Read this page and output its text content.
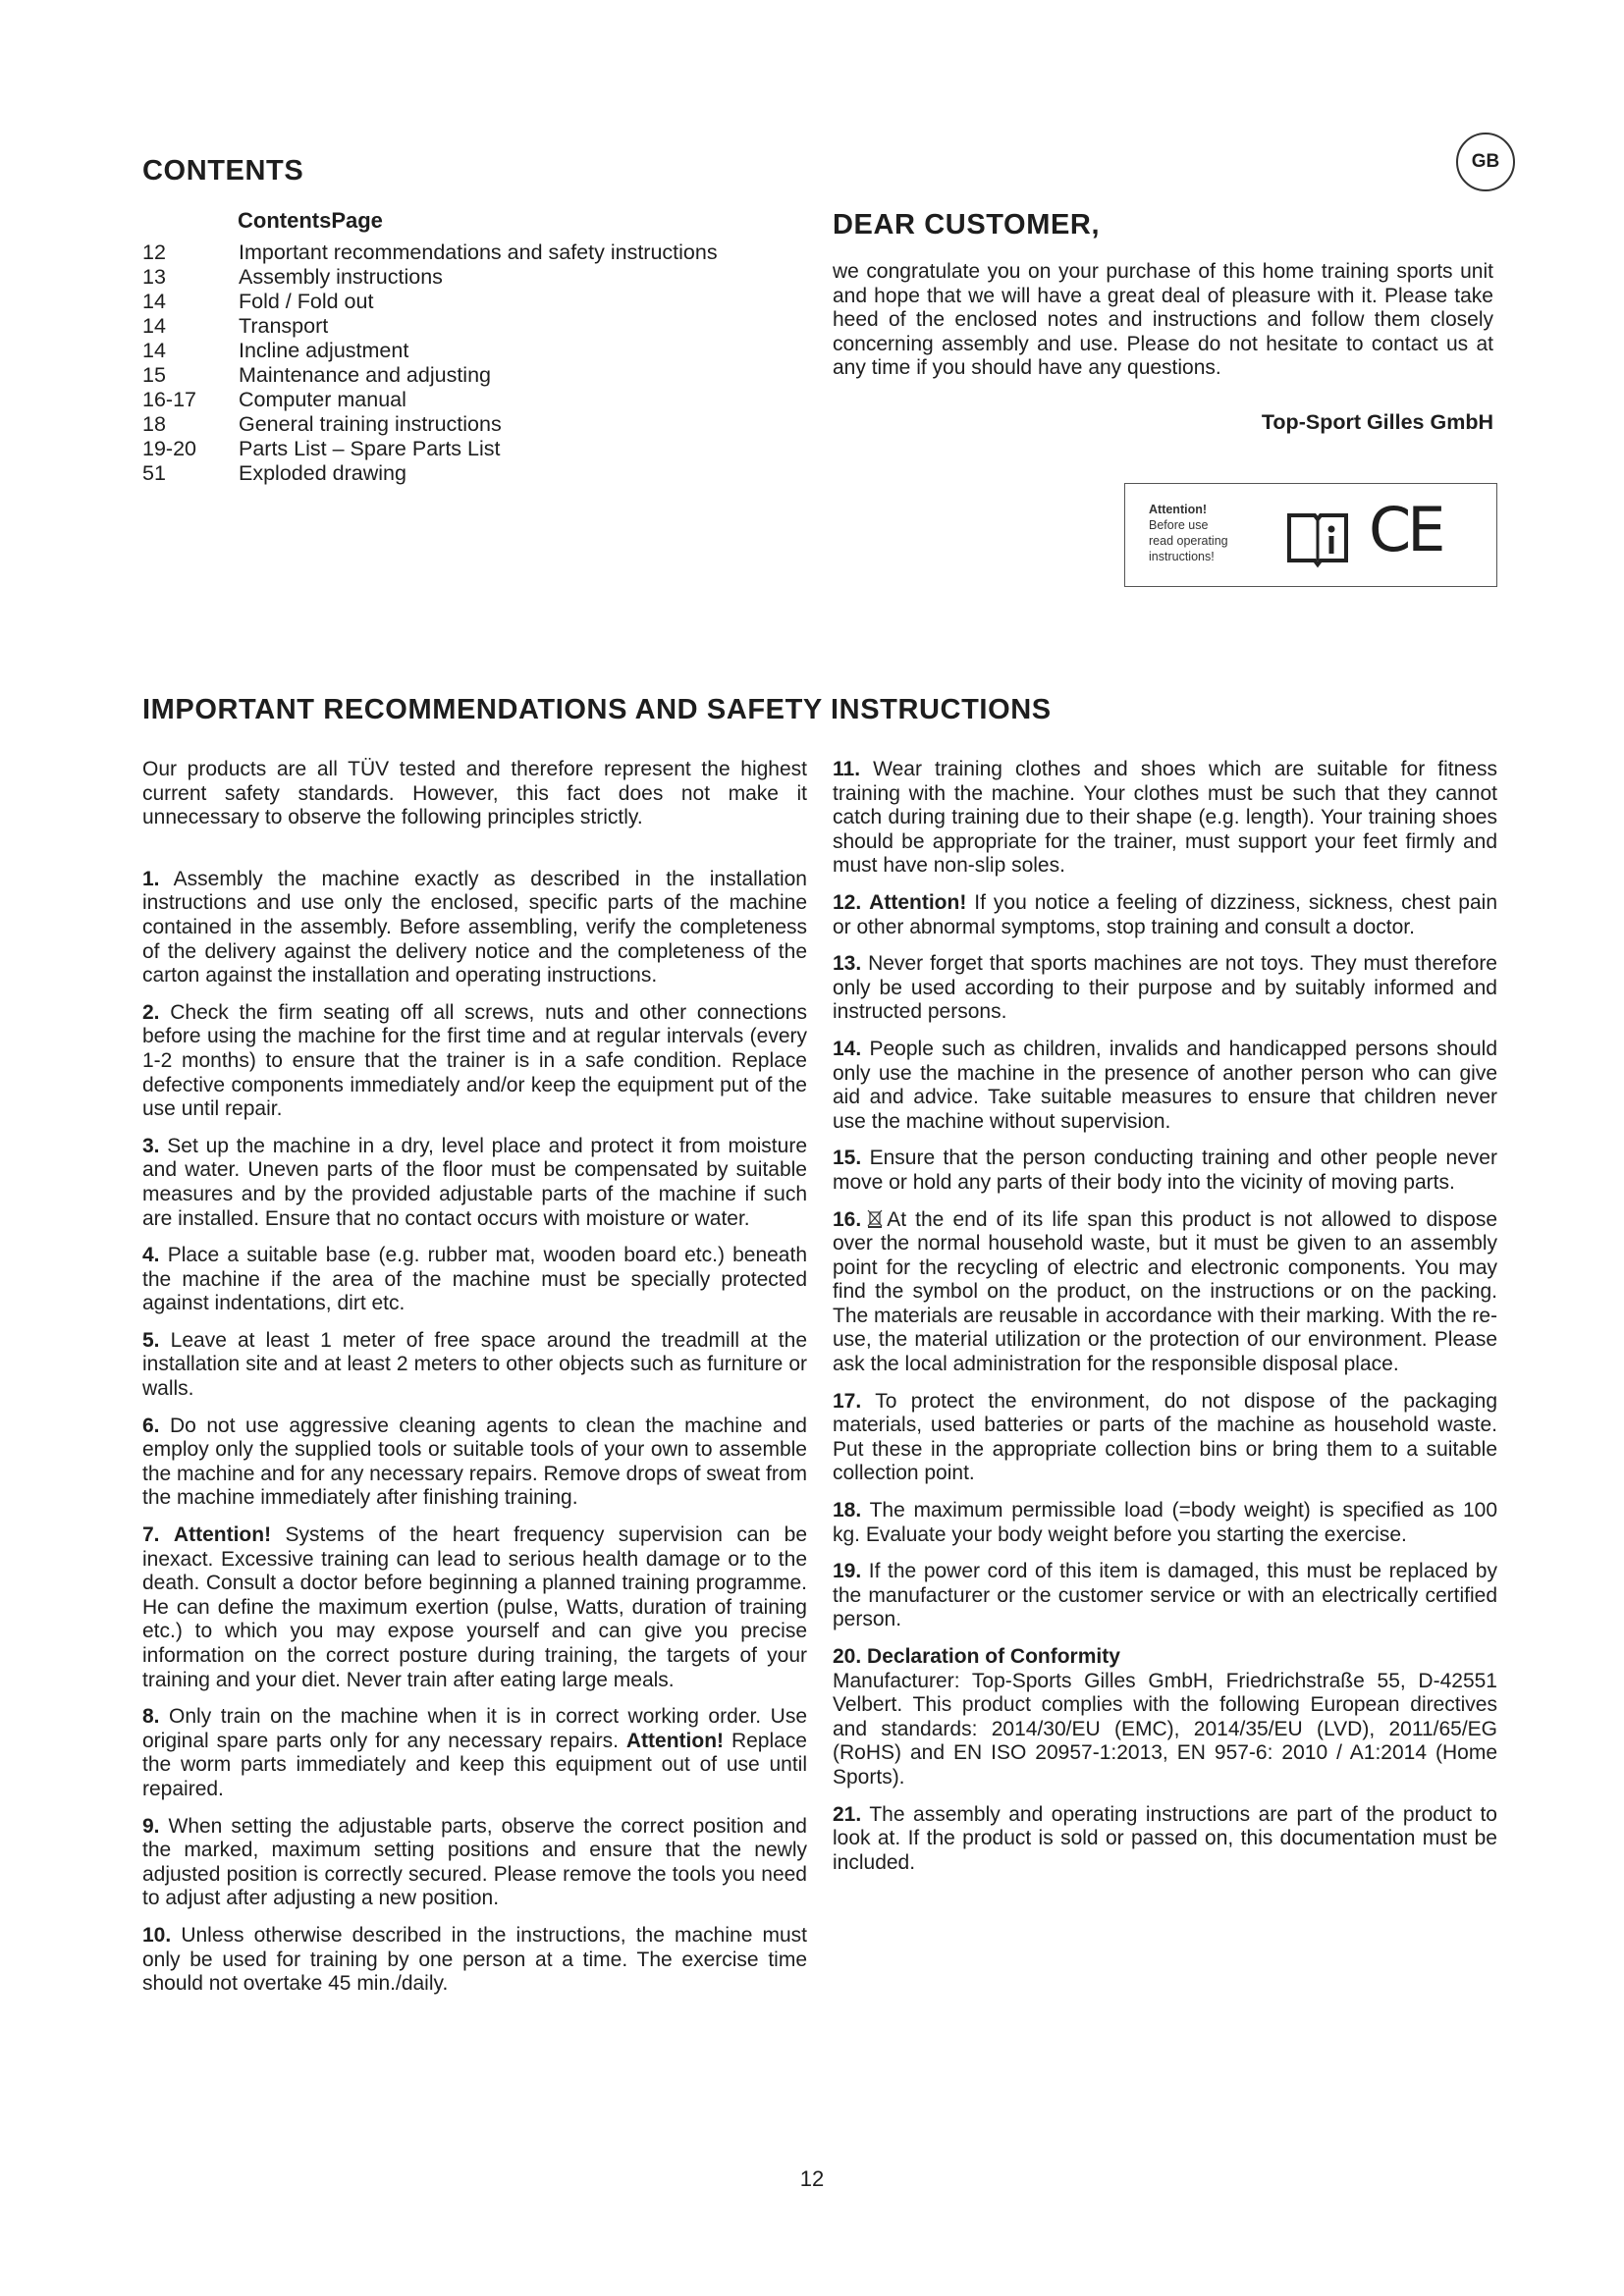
GB
CONTENTS
ContentsPage
12	Important recommendations and safety instructions
13	Assembly instructions
14	Fold / Fold out
14	Transport
14	Incline adjustment
15	Maintenance and adjusting
16-17	Computer manual
18	General training instructions
19-20	Parts List – Spare Parts List
51	Exploded drawing
DEAR CUSTOMER,
we congratulate you on your purchase of this home training sports unit and hope that we will have a great deal of pleasure with it. Please take heed of the enclosed notes and instructions and follow them closely concerning assembly and use. Please do not hesitate to contact us at any time if you should have any questions.
Top-Sport Gilles GmbH
Attention!
Before use
read operating
instructions!	CE
IMPORTANT RECOMMENDATIONS AND SAFETY INSTRUCTIONS

Our products are all TÜV tested and therefore represent the highest current safety standards. However, this fact does not make it unnecessary to observe the following principles strictly.

1. Assembly the machine exactly as described in the installation instructions and use only the enclosed, specific parts of the machine contained in the assembly. Before assembling, verify the completeness of the delivery against the delivery notice and the completeness of the carton against the installation and operating instructions.

2. Check the firm seating off all screws, nuts and other connections before using the machine for the first time and at regular intervals (every 1-2 months) to ensure that the trainer is in a safe condition. Replace defective components immediately and/or keep the equipment put of the use until repair.

3. Set up the machine in a dry, level place and protect it from moisture and water. Uneven parts of the floor must be compensated by suitable measures and by the provided adjustable parts of the machine if such are installed. Ensure that no contact occurs with moisture or water.

4. Place a suitable base (e.g. rubber mat, wooden board etc.) beneath the machine if the area of the machine must be specially protected against indentations, dirt etc.

5. Leave at least 1 meter of free space around the treadmill at the installation site and at least 2 meters to other objects such as furniture or walls.

6. Do not use aggressive cleaning agents to clean the machine and employ only the supplied tools or suitable tools of your own to assemble the machine and for any necessary repairs. Remove drops of sweat from the machine immediately after finishing training.

7. Attention! Systems of the heart frequency supervision can be inexact. Excessive training can lead to serious health damage or to the death. Consult a doctor before beginning a planned training programme. He can define the maximum exertion (pulse, Watts, duration of training etc.) to which you may expose yourself and can give you precise information on the correct posture during training, the targets of your training and your diet. Never train after eating large meals.

8. Only train on the machine when it is in correct working order. Use original spare parts only for any necessary repairs. Attention! Replace the worm parts immediately and keep this equipment out of use until repaired.

9. When setting the adjustable parts, observe the correct position and the marked, maximum setting positions and ensure that the newly adjusted position is correctly secured. Please remove the tools you need to adjust after adjusting a new position.

10. Unless otherwise described in the instructions, the machine must only be used for training by one person at a time. The exercise time should not overtake 45 min./daily.

11. Wear training clothes and shoes which are suitable for fitness training with the machine. Your clothes must be such that they cannot catch during training due to their shape (e.g. length). Your training shoes should be appropriate for the trainer, must support your feet firmly and must have non-slip soles.

12. Attention! If you notice a feeling of dizziness, sickness, chest pain or other abnormal symptoms, stop training and consult a doctor.

13. Never forget that sports machines are not toys. They must therefore only be used according to their purpose and by suitably informed and instructed persons.

14. People such as children, invalids and handicapped persons should only use the machine in the presence of another person who can give aid and advice. Take suitable measures to ensure that children never use the machine without supervision.

15. Ensure that the person conducting training and other people never move or hold any parts of their body into the vicinity of moving parts.

16. At the end of its life span this product is not allowed to dispose over the normal household waste, but it must be given to an assembly point for the recycling of electric and electronic components. You may find the symbol on the product, on the instructions or on the packing. The materials are reusable in accordance with their marking. With the re-use, the material utilization or the protection of our environment. Please ask the local administration for the responsible disposal place.

17. To protect the environment, do not dispose of the packaging materials, used batteries or parts of the machine as household waste. Put these in the appropriate collection bins or bring them to a suitable collection point.

18. The maximum permissible load (=body weight) is specified as 100 kg. Evaluate your body weight before you starting the exercise.

19. If the power cord of this item is damaged, this must be replaced by the manufacturer or the customer service or with an electrically certified person.

20. Declaration of Conformity
Manufacturer: Top-Sports Gilles GmbH, Friedrichstraße 55, D-42551 Velbert. This product complies with the following European directives and standards: 2014/30/EU (EMC), 2014/35/EU (LVD), 2011/65/EG (RoHS) and EN ISO 20957-1:2013, EN 957-6: 2010 / A1:2014 (Home Sports).

21. The assembly and operating instructions are part of the product to look at. If the product is sold or passed on, this documentation must be included.

12
